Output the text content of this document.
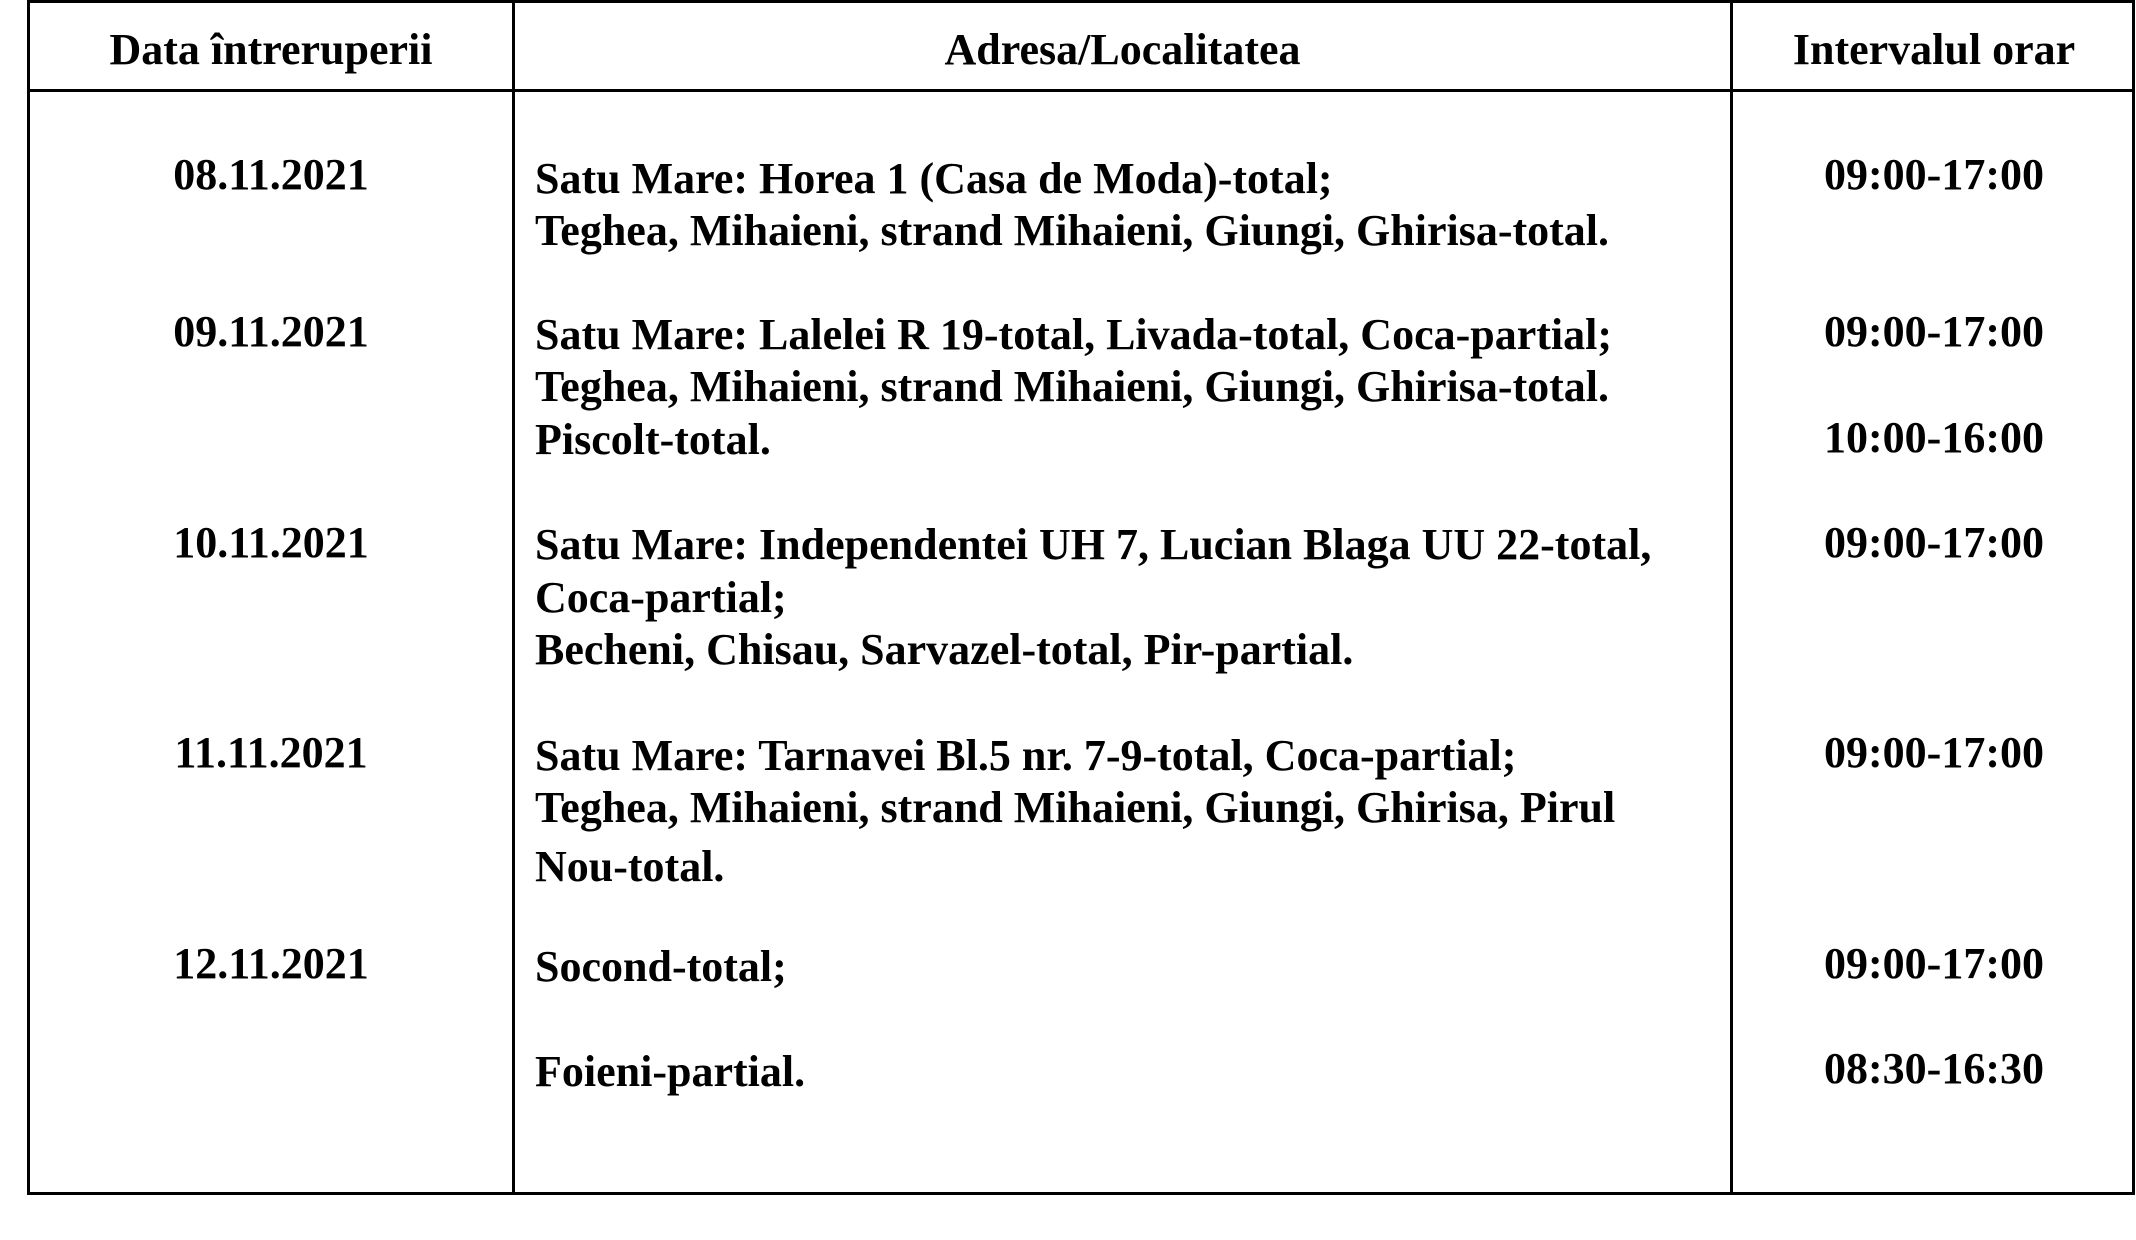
Data întreruperii	Adresa/Localitatea	Intervalul orar
08.11.2021	Satu Mare: Horea 1 (Casa de Moda)-total;
Teghea, Mihaieni, strand Mihaieni, Giungi, Ghirisa-total.
09:00-17:00
09.11.2021	Satu Mare: Lalelei R 19-total, Livada-total, Coca-partial;
Teghea, Mihaieni, strand Mihaieni, Giungi, Ghirisa-total.
Piscolt-total.
09:00-17:00
10:00-16:00
10.11.2021	Satu Mare: Independentei UH 7, Lucian Blaga UU 22-total,
Coca-partial;
Becheni, Chisau, Sarvazel-total, Pir-partial.
09:00-17:00
11.11.2021	Satu Mare: Tarnavei Bl.5 nr. 7-9-total, Coca-partial;
Teghea, Mihaieni, strand Mihaieni, Giungi, Ghirisa, Pirul
Nou-total.
09:00-17:00
12.11.2021	Socond-total;
Foieni-partial.
09:00-17:00
08:30-16:30
